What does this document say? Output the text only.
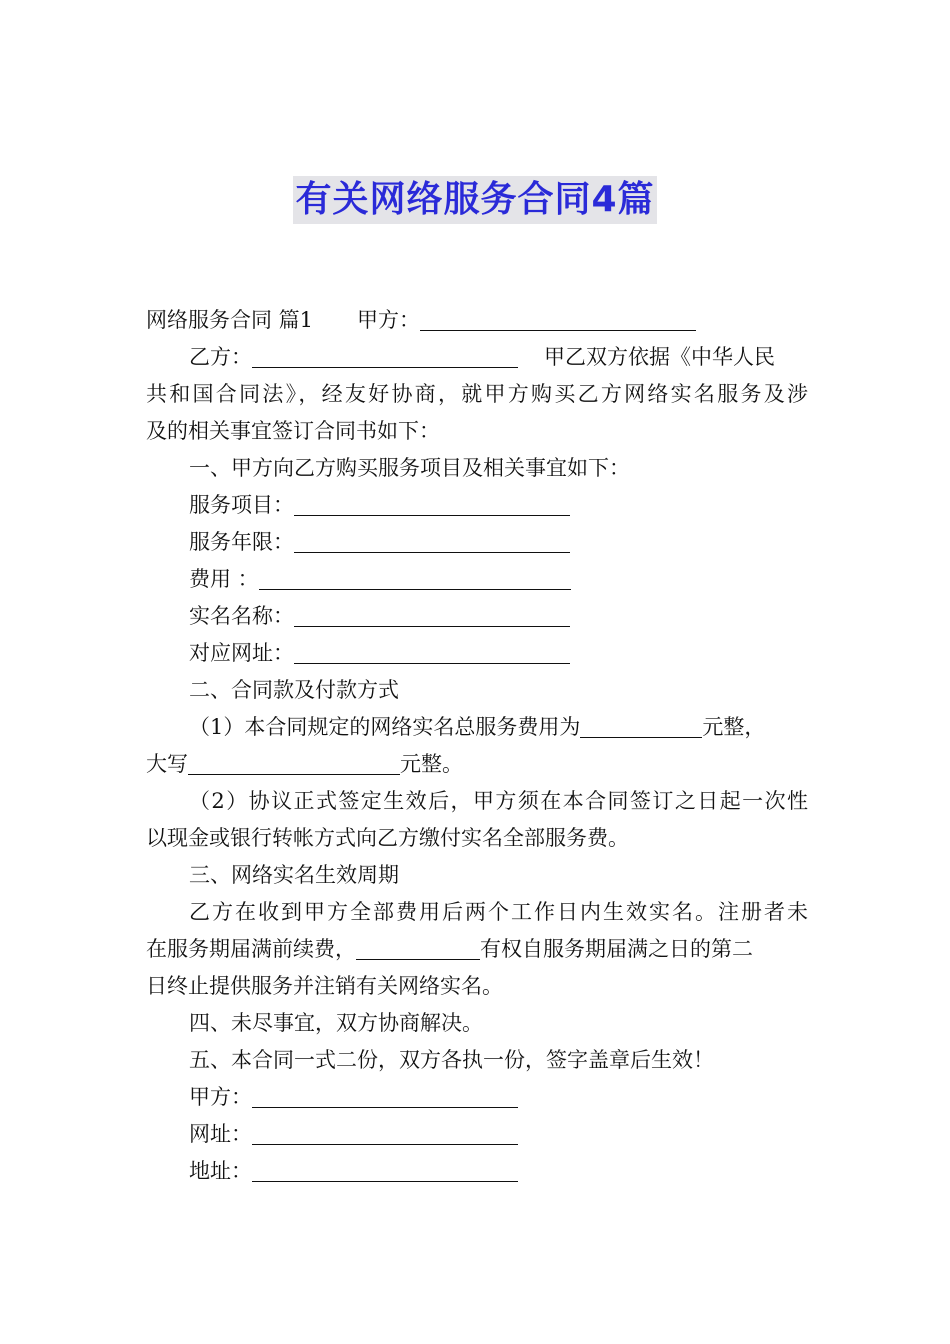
有关网络服务合同4篇
网络服务合同 篇1 甲方：
乙方：	甲乙双方依据《中华人民
共和国合同法》，经友好协商，就甲方购买乙方网络实名服务及涉
及的相关事宜签订合同书如下：
一、甲方向乙方购买服务项目及相关事宜如下：
服务项目：
服务年限：
费用 ：
实名名称：
对应网址：
二、合同款及付款方式
（1）本合同规定的网络实名总服务费用为	元整，
大写	元整。
（2）协议正式签定生效后，甲方须在本合同签订之日起一次性
以现金或银行转帐方式向乙方缴付实名全部服务费。
三、网络实名生效周期
乙方在收到甲方全部费用后两个工作日内生效实名。注册者未
在服务期届满前续费，	有权自服务期届满之日的第二
日终止提供服务并注销有关网络实名。
四、未尽事宜，双方协商解决。
五、本合同一式二份，双方各执一份，签字盖章后生效！
甲方：
网址：
地址：
